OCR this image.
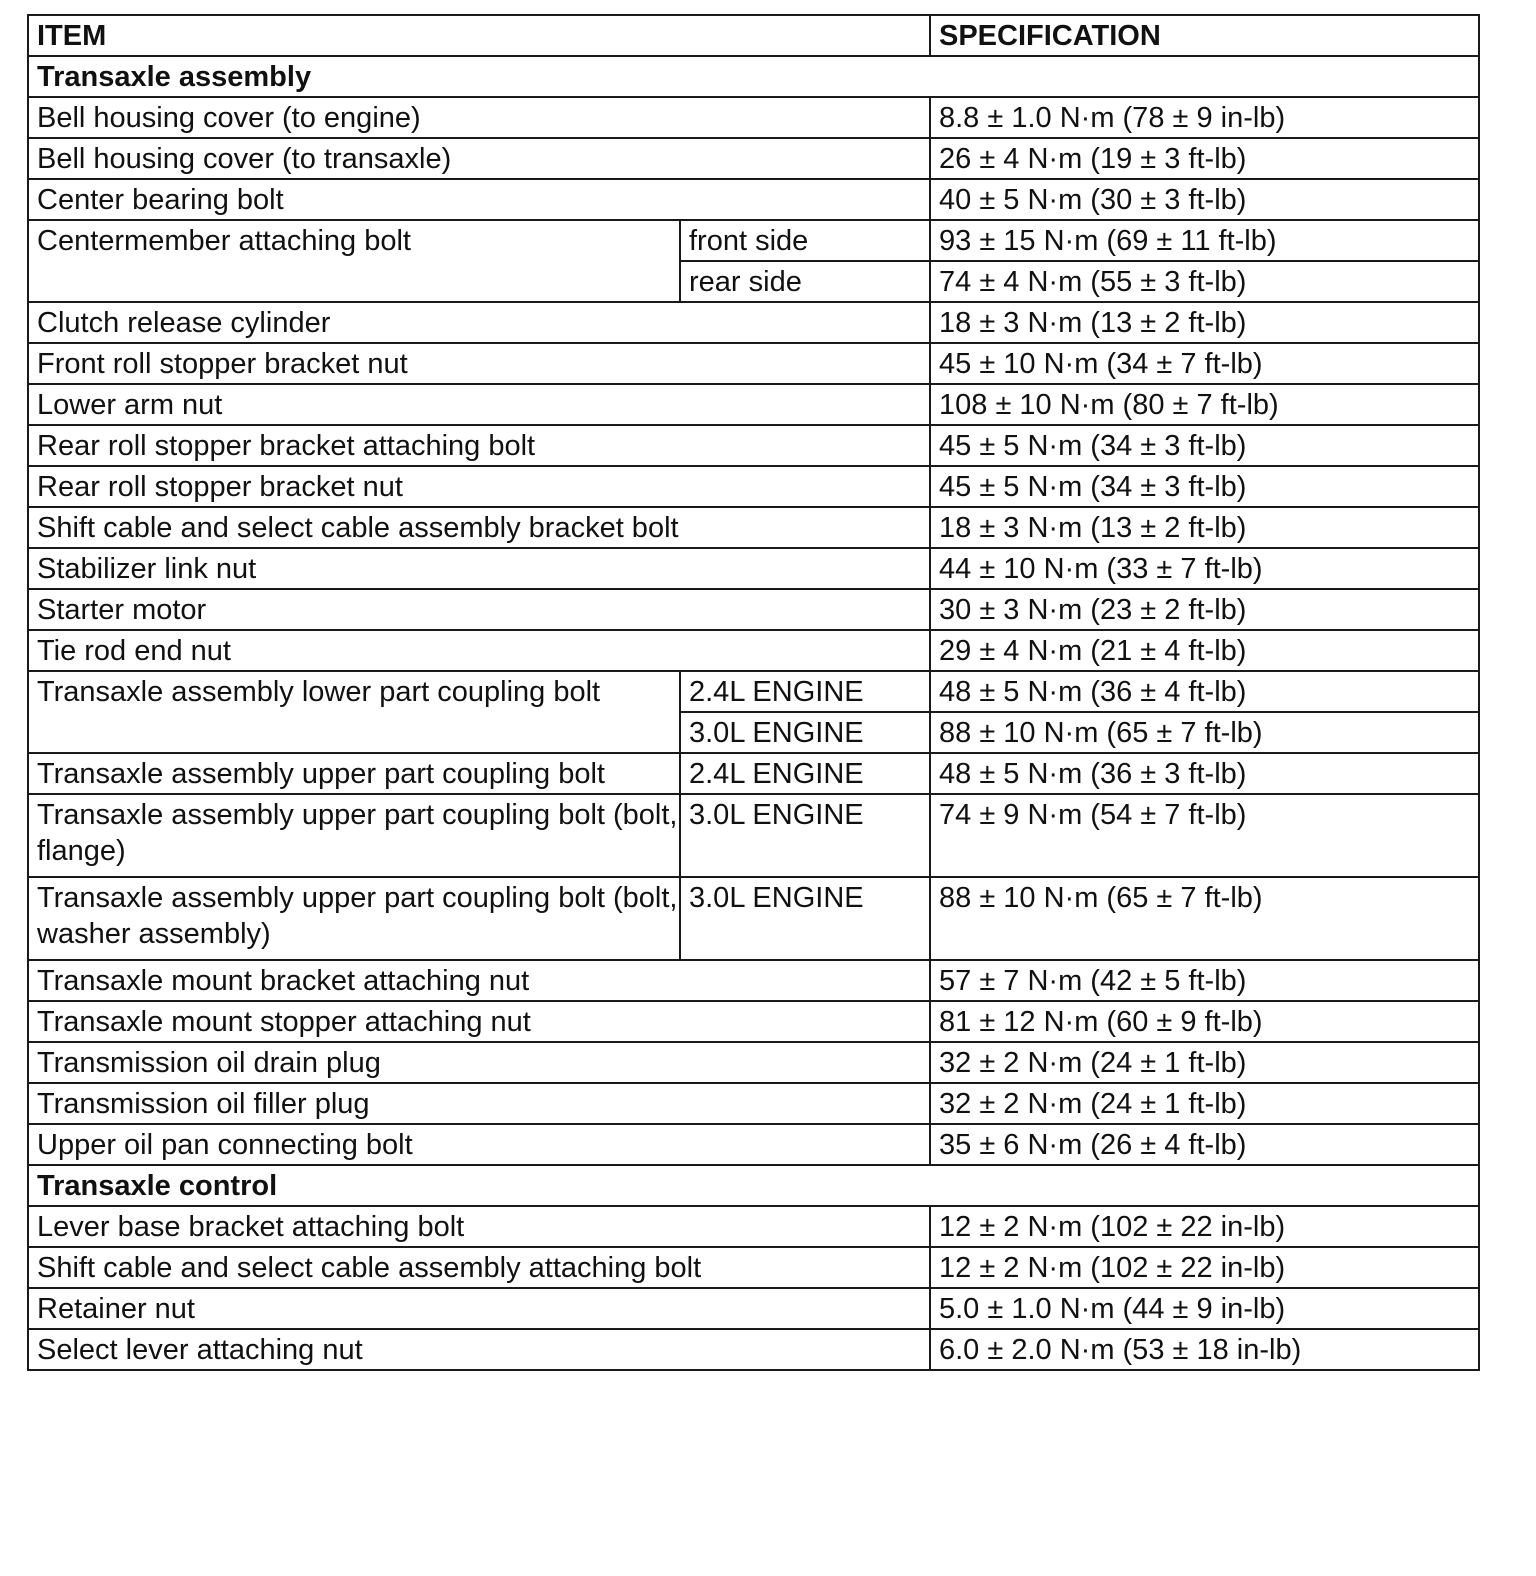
ITEM		SPECIFICATION
Transaxle assembly		
Bell housing cover (to engine)		8.8 ± 1.0 N·m (78 ± 9 in-lb)
Bell housing cover (to transaxle)		26 ± 4 N·m (19 ± 3 ft-lb)
Center bearing bolt		40 ± 5 N·m (30 ± 3 ft-lb)
Centermember attaching bolt	front side	93 ± 15 N·m (69 ± 11 ft-lb)
	rear side	74 ± 4 N·m (55 ± 3 ft-lb)
Clutch release cylinder		18 ± 3 N·m (13 ± 2 ft-lb)
Front roll stopper bracket nut		45 ± 10 N·m (34 ± 7 ft-lb)
Lower arm nut		108 ± 10 N·m (80 ± 7 ft-lb)
Rear roll stopper bracket attaching bolt		45 ± 5 N·m (34 ± 3 ft-lb)
Rear roll stopper bracket nut		45 ± 5 N·m (34 ± 3 ft-lb)
Shift cable and select cable assembly bracket bolt		18 ± 3 N·m (13 ± 2 ft-lb)
Stabilizer link nut		44 ± 10 N·m (33 ± 7 ft-lb)
Starter motor		30 ± 3 N·m (23 ± 2 ft-lb)
Tie rod end nut		29 ± 4 N·m (21 ± 4 ft-lb)
Transaxle assembly lower part coupling bolt	2.4L ENGINE	48 ± 5 N·m (36 ± 4 ft-lb)
	3.0L ENGINE	88 ± 10 N·m (65 ± 7 ft-lb)
Transaxle assembly upper part coupling bolt	2.4L ENGINE	48 ± 5 N·m (36 ± 3 ft-lb)
Transaxle assembly upper part coupling bolt (bolt, flange)	3.0L ENGINE	74 ± 9 N·m (54 ± 7 ft-lb)
Transaxle assembly upper part coupling bolt (bolt, washer assembly)	3.0L ENGINE	88 ± 10 N·m (65 ± 7 ft-lb)
Transaxle mount bracket attaching nut		57 ± 7 N·m (42 ± 5 ft-lb)
Transaxle mount stopper attaching nut		81 ± 12 N·m (60 ± 9 ft-lb)
Transmission oil drain plug		32 ± 2 N·m (24 ± 1 ft-lb)
Transmission oil filler plug		32 ± 2 N·m (24 ± 1 ft-lb)
Upper oil pan connecting bolt		35 ± 6 N·m (26 ± 4 ft-lb)
Transaxle control		
Lever base bracket attaching bolt		12 ± 2 N·m (102 ± 22 in-lb)
Shift cable and select cable assembly attaching bolt		12 ± 2 N·m (102 ± 22 in-lb)
Retainer nut		5.0 ± 1.0 N·m (44 ± 9 in-lb)
Select lever attaching nut		6.0 ± 2.0 N·m (53 ± 18 in-lb)
